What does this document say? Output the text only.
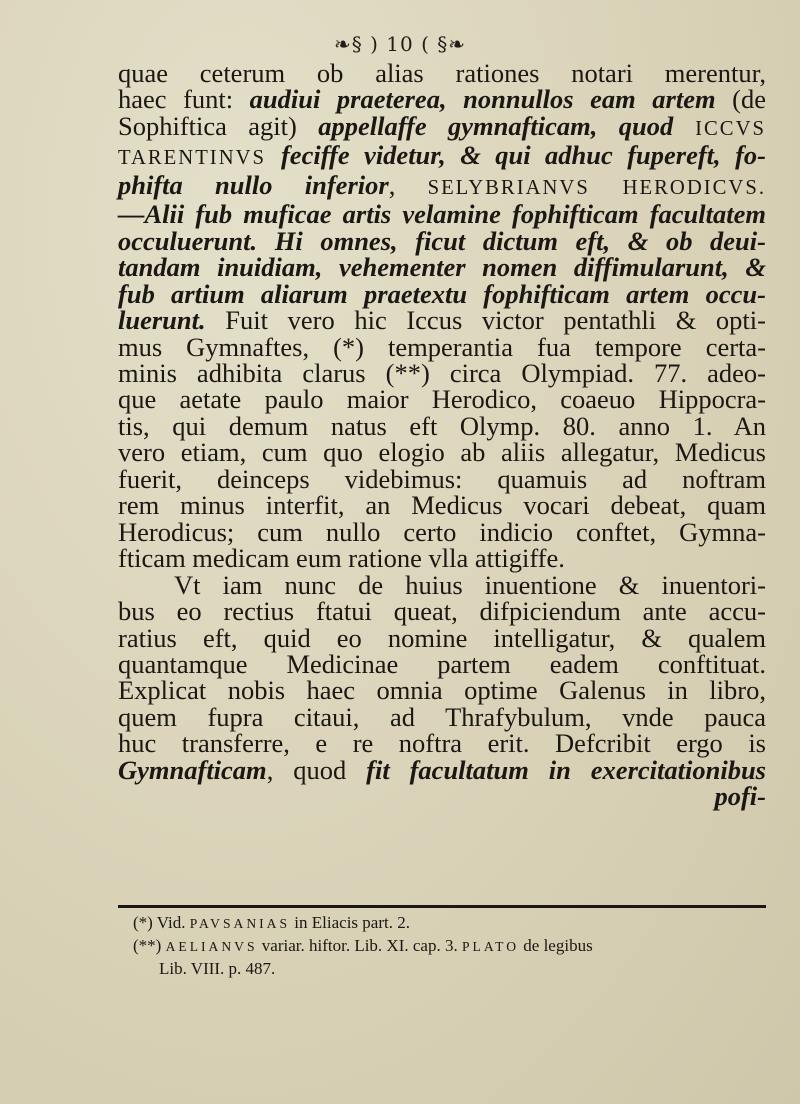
❧§ ) 10 ( §❧
quae ceterum ob alias rationes notari merentur,
haec funt: audiui praeterea, nonnullos eam artem (de
Sophiftica agit) appellaffe gymnafticam, quod ICCVS
TARENTINVS feciffe videtur, & qui adhuc fupereft, fo-
phifta nullo inferior, SELYBRIANVS HERODICVS.
—Alii fub muficae artis velamine fophifticam facultatem
occuluerunt. Hi omnes, ficut dictum eft, & ob deui-
tandam inuidiam, vehementer nomen diffimularunt, &
fub artium aliarum praetextu fophifticam artem occu-
luerunt. Fuit vero hic Iccus victor pentathli & opti-
mus Gymnaftes, (*) temperantia fua tempore certa-
minis adhibita clarus (**) circa Olympiad. 77. adeo-
que aetate paulo maior Herodico, coaeuo Hippocra-
tis, qui demum natus eft Olymp. 80. anno 1. An
vero etiam, cum quo elogio ab aliis allegatur, Medicus
fuerit, deinceps videbimus: quamuis ad noftram
rem minus interfit, an Medicus vocari debeat, quam
Herodicus; cum nullo certo indicio conftet, Gymna-
fticam medicam eum ratione vlla attigiffe.
Vt iam nunc de huius inuentione & inuentori-
bus eo rectius ftatui queat, difpiciendum ante accu-
ratius eft, quid eo nomine intelligatur, & qualem
quantamque Medicinae partem eadem conftituat.
Explicat nobis haec omnia optime Galenus in libro,
quem fupra citaui, ad Thrafybulum, vnde pauca
huc transferre, e re noftra erit. Defcribit ergo is
Gymnafticam, quod fit facultatum in exercitationibus
pofi-
(*) Vid. PAVSANIAS in Eliacis part. 2.
(**) AELIANVS variar. hiftor. Lib. XI. cap. 3. PLATO de legibus
Lib. VIII. p. 487.
